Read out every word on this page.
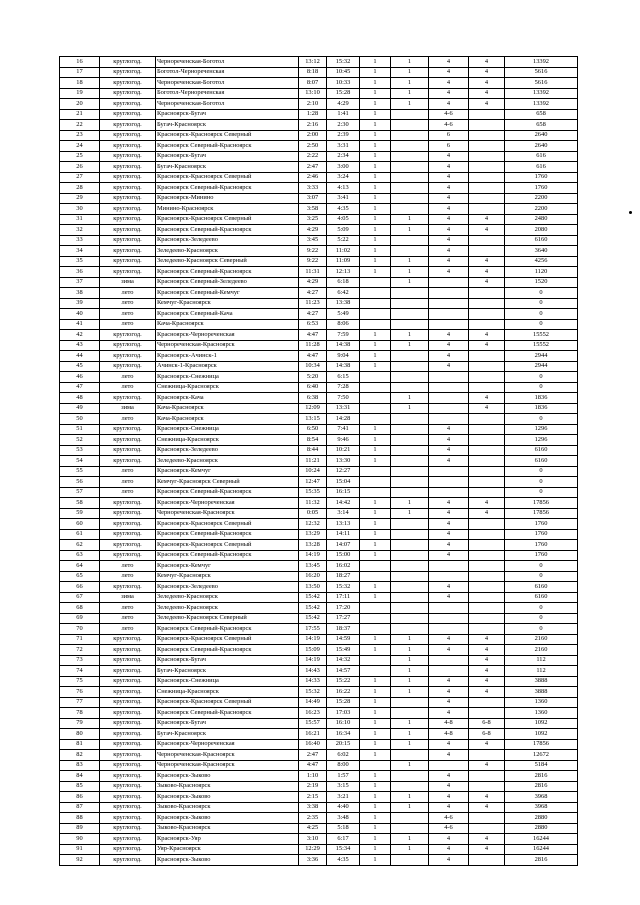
16	круглогод.	Чернореченская-Боготол	13:12	15:32	1	1	4	4	13392
17	круглогод.	Боготол-Чернореченская	8:18	10:45	1	1	4	4	5616
18	круглогод.	Чернореченская-Боготол	8:07	10:33	1	1	4	4	5616
19	круглогод.	Боготол-Чернореченская	13:10	15:28	1	1	4	4	13392
20	круглогод.	Чернореченская-Боготол	2:10	4:29	1	1	4	4	13392
21	круглогод.	Красноярск-Бугач	1:28	1:41	1		4-6		658
22	круглогод.	Бугач-Красноярск	2:16	2:30	1		4-6		658
23	круглогод.	Красноярск-Красноярск Северный	2:00	2:39	1		6		2640
24	круглогод.	Красноярск Северный-Красноярск	2:50	3:31	1		6		2640
25	круглогод.	Красноярск-Бугач	2:22	2:34	1		4		616
26	круглогод.	Бугач-Красноярск	2:47	3:00	1		4		616
27	круглогод.	Красноярск-Красноярск Северный	2:46	3:24	1		4		1760
28	круглогод.	Красноярск Северный-Красноярск	3:33	4:13	1		4		1760
29	круглогод.	Красноярск-Минино	3:07	3:41	1		4		2200
30	круглогод.	Минино-Красноярск	3:58	4:35	1		4		2200
31	круглогод.	Красноярск-Красноярск Северный	3:25	4:05	1	1	4	4	2480
32	круглогод.	Красноярск Северный-Красноярск	4:29	5:09	1	1	4	4	2080
33	круглогод.	Красноярск-Зеледеево	3:45	5:22	1		4		6160
34	круглогод.	Зеледеево-Красноярск	9:22	11:02	1		4		3640
35	круглогод.	Зеледеево-Красноярск Северный	9:22	11:09	1	1	4	4	4256
36	круглогод.	Красноярск Северный-Красноярск	11:31	12:13	1	1	4	4	1120
37	зима	Красноярск Северный-Зеледеево	4:29	6:18		1		4	1520
38	лето	Красноярск Северный-Кемчуг	4:27	6:42					0
39	лето	Кемчуг-Красноярск	11:23	13:38					0
40	лето	Красноярск Северный-Кача	4:27	5:49					0
41	лето	Кача-Красноярск	6:53	8:06					0
42	круглогод.	Красноярск-Чернореченская	4:47	7:59	1	1	4	4	15552
43	круглогод.	Чернореченская-Красноярск	11:28	14:38	1	1	4	4	15552
44	круглогод.	Красноярск-Ачинск-1	4:47	9:04	1		4		2944
45	круглогод.	Ачинск-1-Красноярск	10:34	14:38	1		4		2944
46	лето	Красноярск-Снежница	5:20	6:15					0
47	лето	Снежница-Красноярск	6:40	7:28					0
48	круглогод.	Красноярск-Кача	6:38	7:50		1		4	1836
49	зима	Кача-Красноярск	12:09	13:31		1		4	1836
50	лето	Кача-Красноярск	13:15	14:28					0
51	круглогод.	Красноярск-Снежница	6:50	7:41	1		4		1296
52	круглогод.	Снежница-Красноярск	8:54	9:46	1		4		1296
53	круглогод.	Красноярск-Зеледеево	8:44	10:21	1		4		6160
54	круглогод.	Зеледеево-Красноярск	11:21	13:30	1		4		6160
55	лето	Красноярск-Кемчуг	10:24	12:27					0
56	лето	Кемчуг-Красноярск Северный	12:47	15:04					0
57	лето	Красноярск Северный-Красноярск	15:35	16:15					0
58	круглогод.	Красноярск-Чернореченская	11:32	14:42	1	1	4	4	17856
59	круглогод.	Чернореченская-Красноярск	0:05	3:14	1	1	4	4	17856
60	круглогод.	Красноярск-Красноярск Северный	12:32	13:13	1		4		1760
61	круглогод.	Красноярск Северный-Красноярск	13:29	14:11	1		4		1760
62	круглогод.	Красноярск-Красноярск Северный	13:28	14:07	1		4		1760
63	круглогод.	Красноярск Северный-Красноярск	14:19	15:00	1		4		1760
64	лето	Красноярск-Кемчуг	13:45	16:02					0
65	лето	Кемчуг-Красноярск	16:20	18:27					0
66	круглогод.	Красноярск-Зеледеево	13:50	15:32	1		4		6160
67	зима	Зеледеево-Красноярск	15:42	17:11	1		4		6160
68	лето	Зеледеево-Красноярск	15:42	17:20					0
69	лето	Зеледеево-Красноярск Северный	15:42	17:27					0
70	лето	Красноярск Северный-Красноярск	17:55	18:37					0
71	круглогод.	Красноярск-Красноярск Северный	14:19	14:59	1	1	4	4	2160
72	круглогод.	Красноярск Северный-Красноярск	15:09	15:49	1	1	4	4	2160
73	круглогод.	Красноярск-Бугач	14:19	14:32		1		4	112
74	круглогод.	Бугач-Красноярск	14:43	14:57		1		4	112
75	круглогод.	Красноярск-Снежница	14:33	15:22	1	1	4	4	3888
76	круглогод.	Снежница-Красноярск	15:32	16:22	1	1	4	4	3888
77	круглогод.	Красноярск-Красноярск Северный	14:49	15:28	1		4		1360
78	круглогод.	Красноярск Северный-Красноярск	16:23	17:03	1		4		1360
79	круглогод.	Красноярск-Бугач	15:57	16:10	1	1	4-8	6-8	1092
80	круглогод.	Бугач-Красноярск	16:21	16:34	1	1	4-8	6-8	1092
81	круглогод.	Красноярск-Чернореченская	16:40	20:15	1	1	4	4	17856
82	круглогод.	Чернореченская-Красноярск	2:47	6:02	1		4		12672
83	круглогод.	Чернореченская-Красноярск	4:47	8:00		1		4	5184
84	круглогод.	Красноярск-Зыково	1:10	1:57	1		4		2816
85	круглогод.	Зыково-Красноярск	2:19	3:15	1		4		2816
86	круглогод.	Красноярск-Зыково	2:15	3:21	1	1	4	4	3968
87	круглогод.	Зыково-Красноярск	3:38	4:40	1	1	4	4	3968
88	круглогод.	Красноярск-Зыково	2:35	3:48	1		4-6		2880
89	круглогод.	Зыково-Красноярск	4:25	5:18	1		4-6		2880
90	круглогод.	Красноярск-Уяр	3:10	6:17	1	1	4	4	16244
91	круглогод.	Уяр-Красноярск	12:29	15:34	1	1	4	4	16244
92	круглогод.	Красноярск-Зыково	3:36	4:35	1		4		2816
